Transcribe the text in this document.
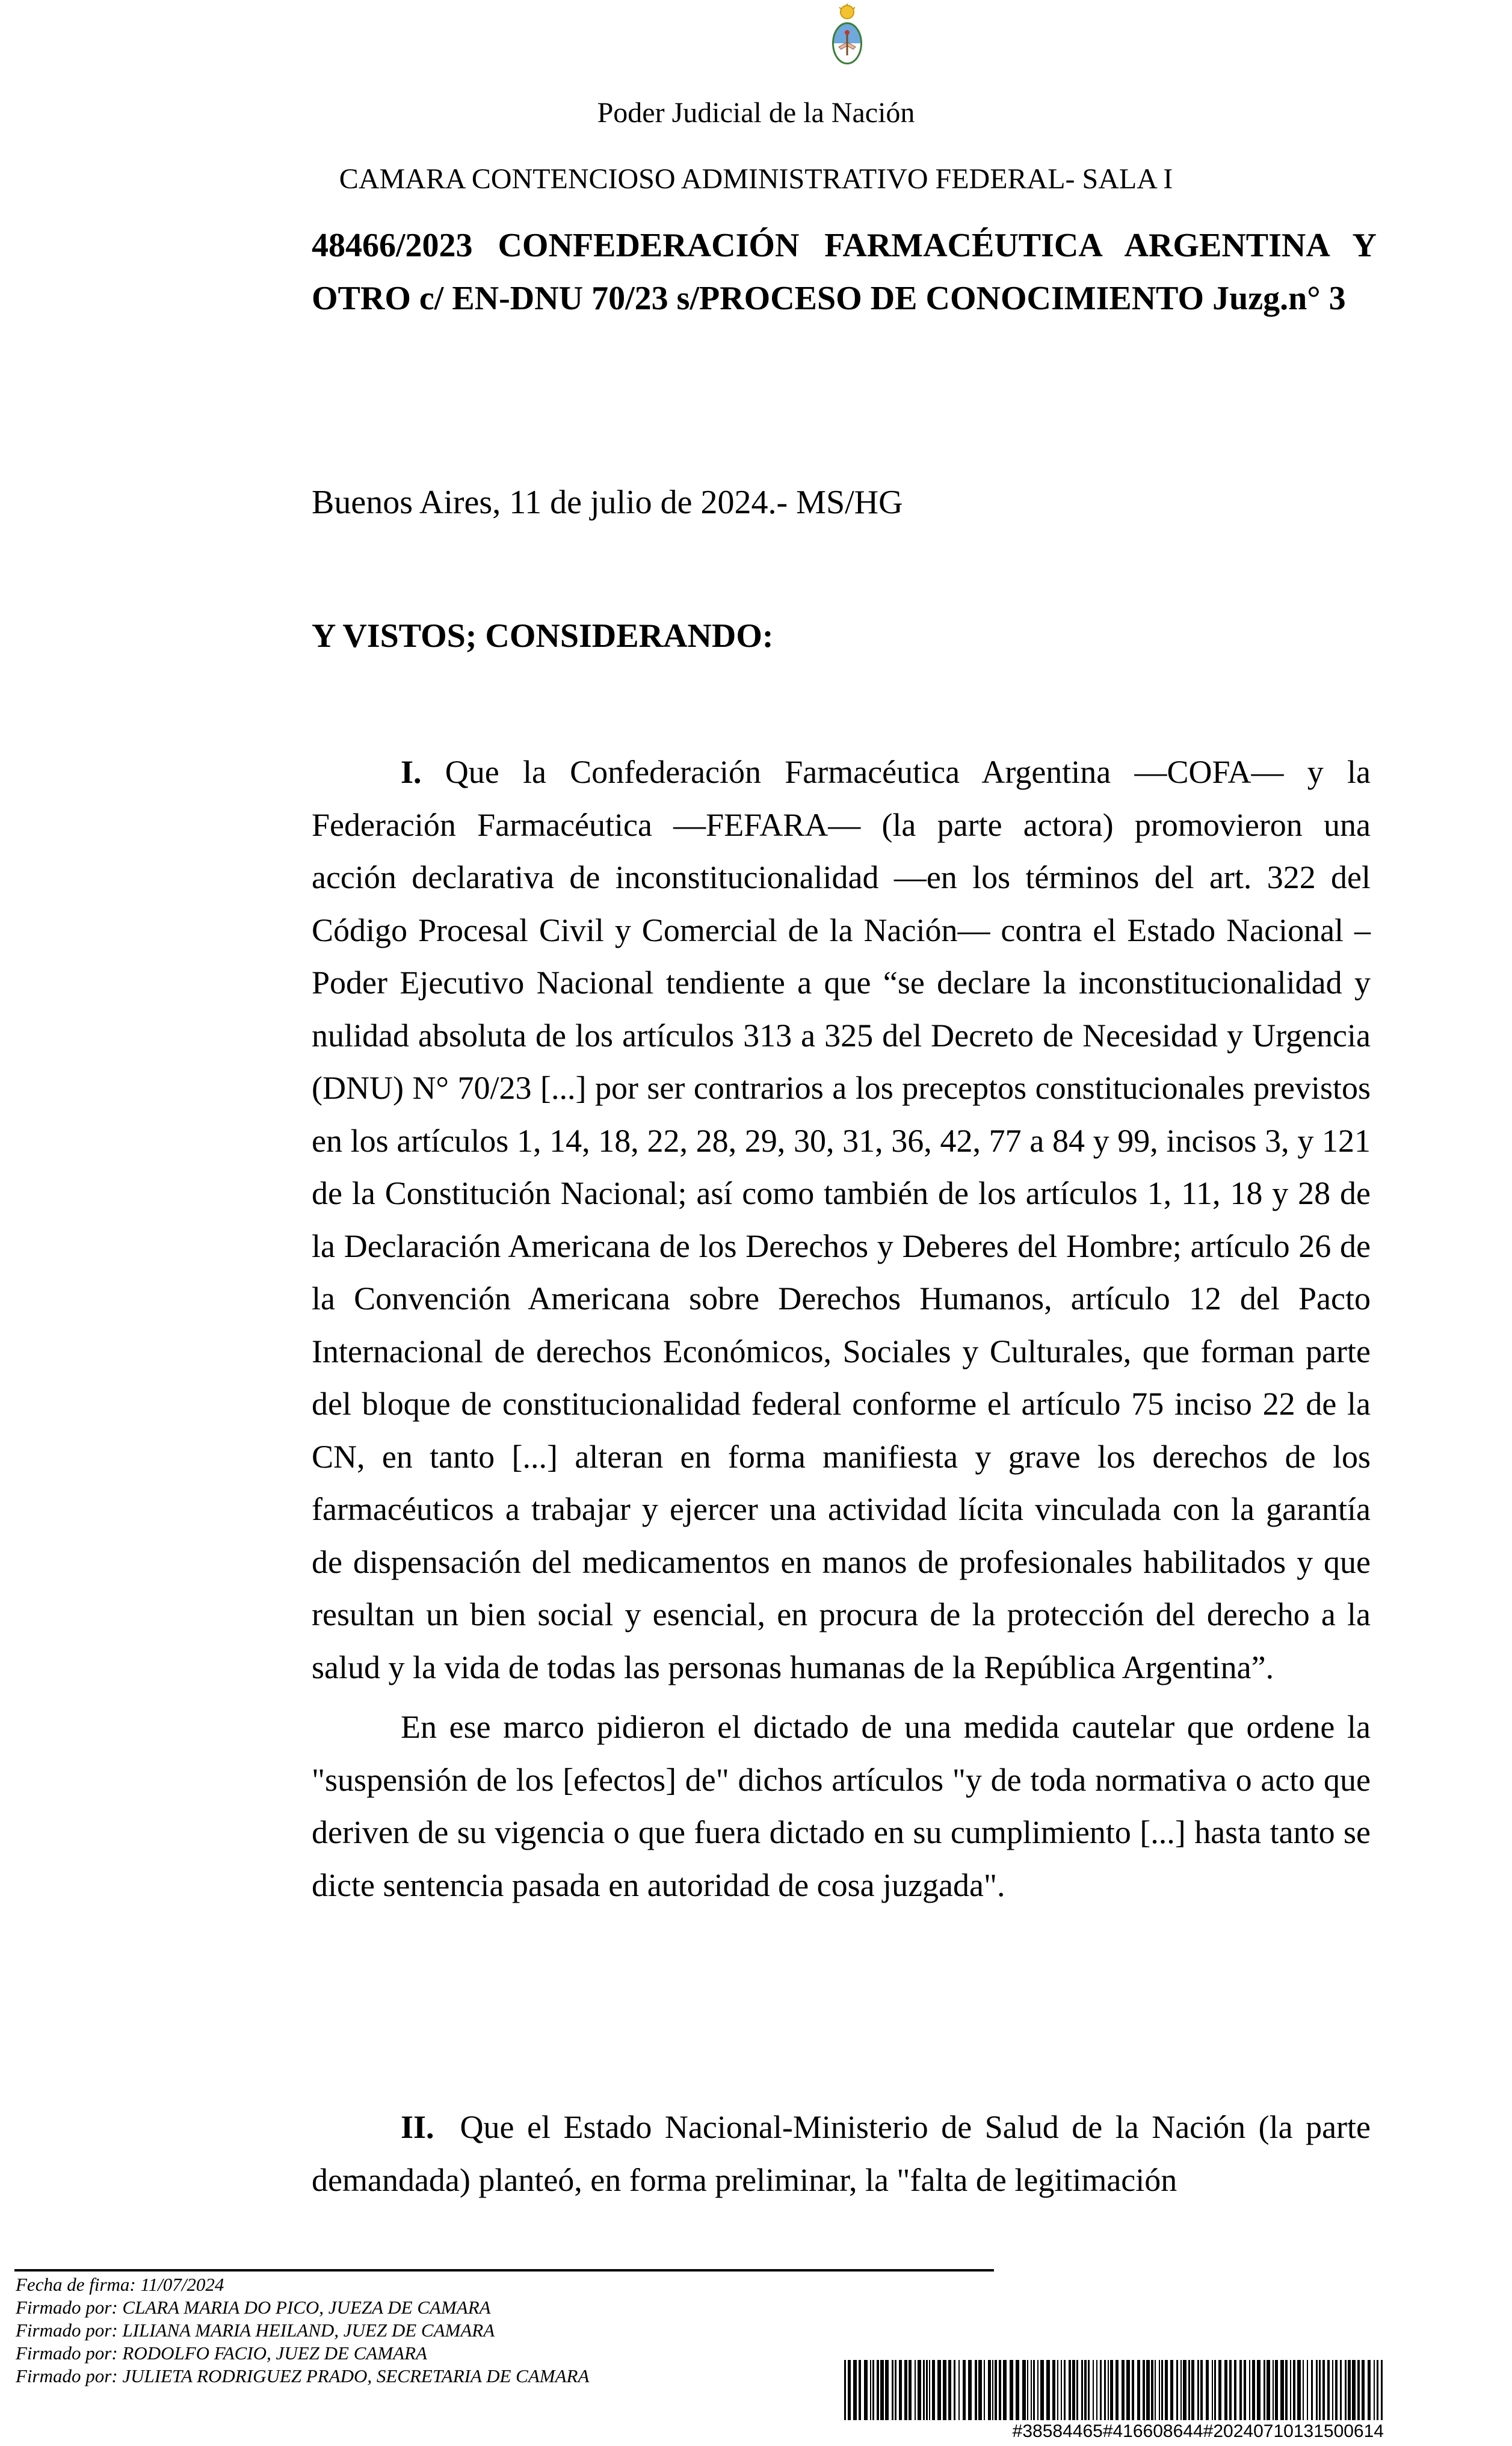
Poder Judicial de la Nación
CAMARA CONTENCIOSO ADMINISTRATIVO FEDERAL- SALA I
48466/2023 CONFEDERACIÓN FARMACÉUTICA ARGENTINA Y OTRO c/ EN-DNU 70/23 s/PROCESO DE CONOCIMIENTO Juzg.n° 3
Buenos Aires, 11 de julio de 2024.- MS/HG
Y VISTOS; CONSIDERANDO:
I. Que la Confederación Farmacéutica Argentina —COFA— y la Federación Farmacéutica —FEFARA— (la parte actora) promovieron una acción declarativa de inconstitucionalidad —en los términos del art. 322 del Código Procesal Civil y Comercial de la Nación— contra el Estado Nacional – Poder Ejecutivo Nacional tendiente a que “se declare la inconstitucionalidad y nulidad absoluta de los artículos 313 a 325 del Decreto de Necesidad y Urgencia (DNU) N° 70/23 [...] por ser contrarios a los preceptos constitucionales previstos en los artículos 1, 14, 18, 22, 28, 29, 30, 31, 36, 42, 77 a 84 y 99, incisos 3, y 121 de la Constitución Nacional; así como también de los artículos 1, 11, 18 y 28 de la Declaración Americana de los Derechos y Deberes del Hombre; artículo 26 de la Convención Americana sobre Derechos Humanos, artículo 12 del Pacto Internacional de derechos Económicos, Sociales y Culturales, que forman parte del bloque de constitucionalidad federal conforme el artículo 75 inciso 22 de la CN, en tanto [...] alteran en forma manifiesta y grave los derechos de los farmacéuticos a trabajar y ejercer una actividad lícita vinculada con la garantía de dispensación del medicamentos en manos de profesionales habilitados y que resultan un bien social y esencial, en procura de la protección del derecho a la salud y la vida de todas las personas humanas de la República Argentina”.
En ese marco pidieron el dictado de una medida cautelar que ordene la "suspensión de los [efectos] de" dichos artículos "y de toda normativa o acto que deriven de su vigencia o que fuera dictado en su cumplimiento [...] hasta tanto se dicte sentencia pasada en autoridad de cosa juzgada".
II. Que el Estado Nacional-Ministerio de Salud de la Nación (la parte demandada) planteó, en forma preliminar, la "falta de legitimación
Fecha de firma: 11/07/2024
Firmado por: CLARA MARIA DO PICO, JUEZA DE CAMARA
Firmado por: LILIANA MARIA HEILAND, JUEZ DE CAMARA
Firmado por: RODOLFO FACIO, JUEZ DE CAMARA
Firmado por: JULIETA RODRIGUEZ PRADO, SECRETARIA DE CAMARA
#38584465#416608644#20240710131500614
